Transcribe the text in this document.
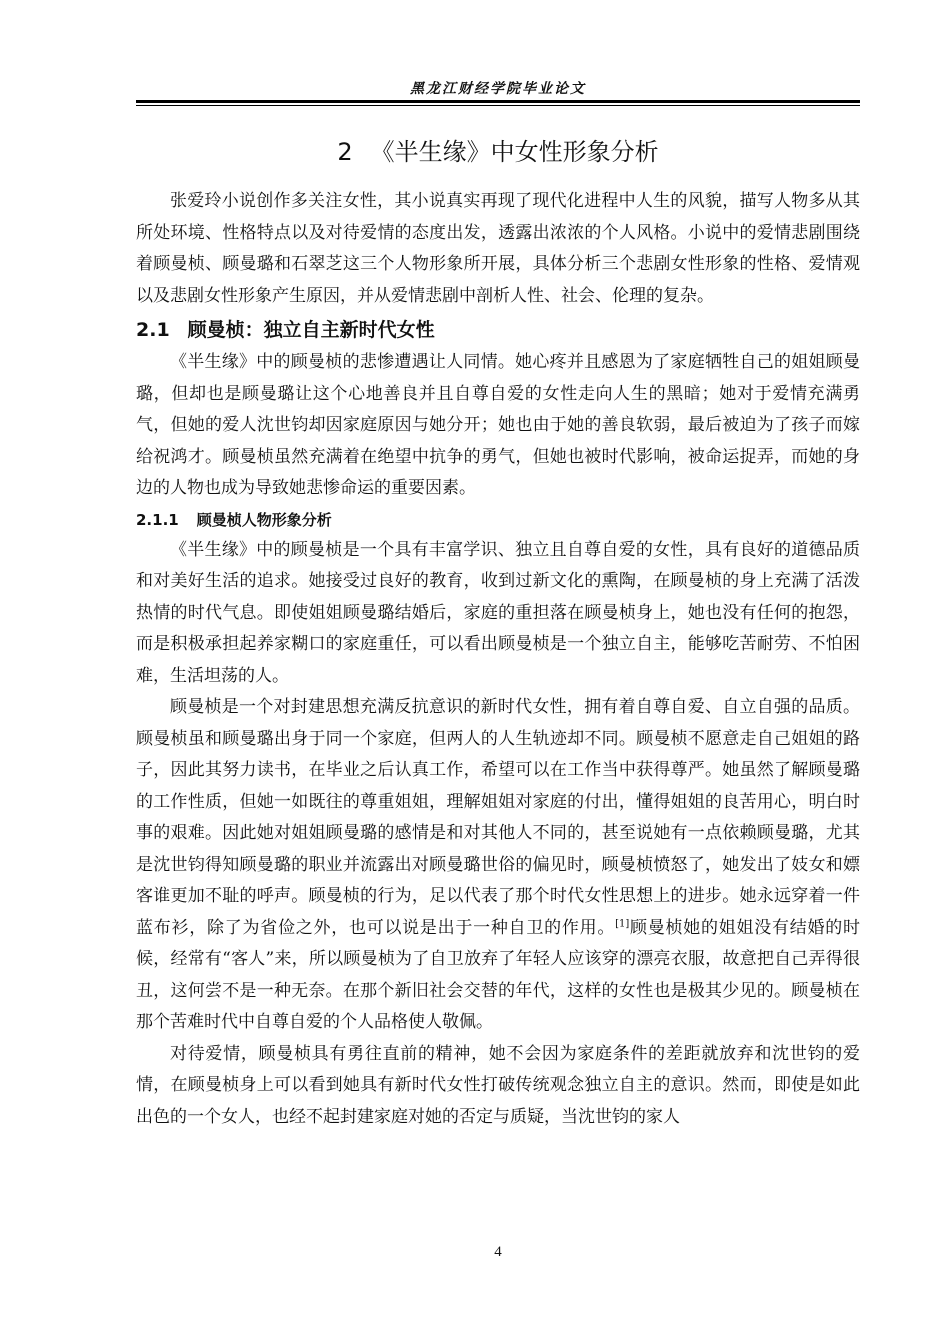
黑龙江财经学院毕业论文
2 《半生缘》中女性形象分析

张爱玲小说创作多关注女性，其小说真实再现了现代化进程中人生的风貌，描写人物多从其所处环境、性格特点以及对待爱情的态度出发，透露出浓浓的个人风格。小说中的爱情悲剧围绕着顾曼桢、顾曼璐和石翠芝这三个人物形象所开展，具体分析三个悲剧女性形象的性格、爱情观以及悲剧女性形象产生原因，并从爱情悲剧中剖析人性、社会、伦理的复杂。

2.1 顾曼桢：独立自主新时代女性

《半生缘》中的顾曼桢的悲惨遭遇让人同情。她心疼并且感恩为了家庭牺牲自己的姐姐顾曼璐，但却也是顾曼璐让这个心地善良并且自尊自爱的女性走向人生的黑暗；她对于爱情充满勇气，但她的爱人沈世钧却因家庭原因与她分开；她也由于她的善良软弱，最后被迫为了孩子而嫁给祝鸿才。顾曼桢虽然充满着在绝望中抗争的勇气，但她也被时代影响，被命运捉弄，而她的身边的人物也成为导致她悲惨命运的重要因素。

2.1.1 顾曼桢人物形象分析

《半生缘》中的顾曼桢是一个具有丰富学识、独立且自尊自爱的女性，具有良好的道德品质和对美好生活的追求。她接受过良好的教育，收到过新文化的熏陶，在顾曼桢的身上充满了活泼热情的时代气息。即使姐姐顾曼璐结婚后，家庭的重担落在顾曼桢身上，她也没有任何的抱怨，而是积极承担起养家糊口的家庭重任，可以看出顾曼桢是一个独立自主，能够吃苦耐劳、不怕困难，生活坦荡的人。

顾曼桢是一个对封建思想充满反抗意识的新时代女性，拥有着自尊自爱、自立自强的品质。顾曼桢虽和顾曼璐出身于同一个家庭，但两人的人生轨迹却不同。顾曼桢不愿意走自己姐姐的路子，因此其努力读书，在毕业之后认真工作，希望可以在工作当中获得尊严。她虽然了解顾曼璐的工作性质，但她一如既往的尊重姐姐，理解姐姐对家庭的付出，懂得姐姐的良苦用心，明白时事的艰难。因此她对姐姐顾曼璐的感情是和对其他人不同的，甚至说她有一点依赖顾曼璐，尤其是沈世钧得知顾曼璐的职业并流露出对顾曼璐世俗的偏见时，顾曼桢愤怒了，她发出了妓女和嫖客谁更加不耻的呼声。顾曼桢的行为，足以代表了那个时代女性思想上的进步。她永远穿着一件蓝布衫，除了为省俭之外，也可以说是出于一种自卫的作用。[1]顾曼桢她的姐姐没有结婚的时候，经常有“客人”来，所以顾曼桢为了自卫放弃了年轻人应该穿的漂亮衣服，故意把自己弄得很丑，这何尝不是一种无奈。在那个新旧社会交替的年代，这样的女性也是极其少见的。顾曼桢在那个苦难时代中自尊自爱的个人品格使人敬佩。

对待爱情，顾曼桢具有勇往直前的精神，她不会因为家庭条件的差距就放弃和沈世钧的爱情，在顾曼桢身上可以看到她具有新时代女性打破传统观念独立自主的意识。然而，即使是如此出色的一个女人，也经不起封建家庭对她的否定与质疑，当沈世钧的家人

4
